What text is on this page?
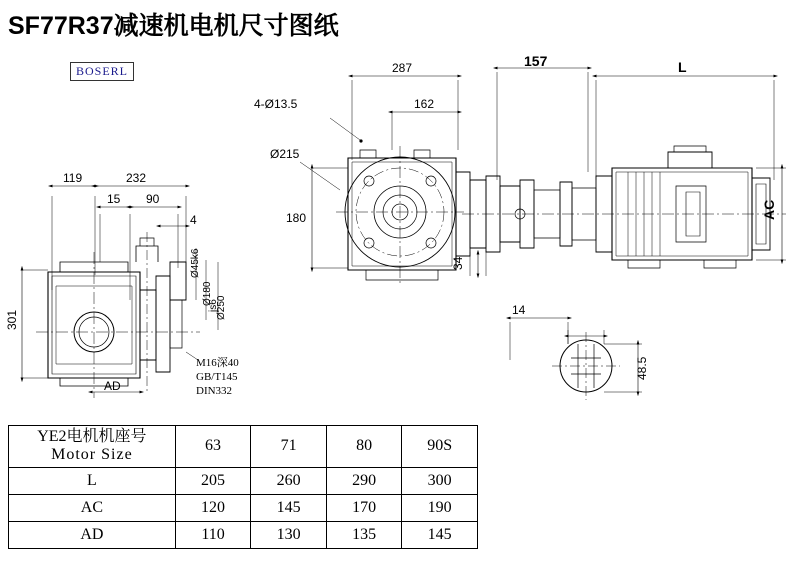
SF77R37减速机电机尺寸图纸
BOSERL
119	232
15 90
4
301
AD
Ø45k6
Ø180
js6
Ø250
M16深40
GB/T145
DIN332
287
162
157	L
4-Ø13.5
Ø215
180
34
AC
14
48.5
YE2电机机座号
Motor Size	63	71	80	90S
L	205	260	290	300
AC	120	145	170	190
AD	110	130	135	145
